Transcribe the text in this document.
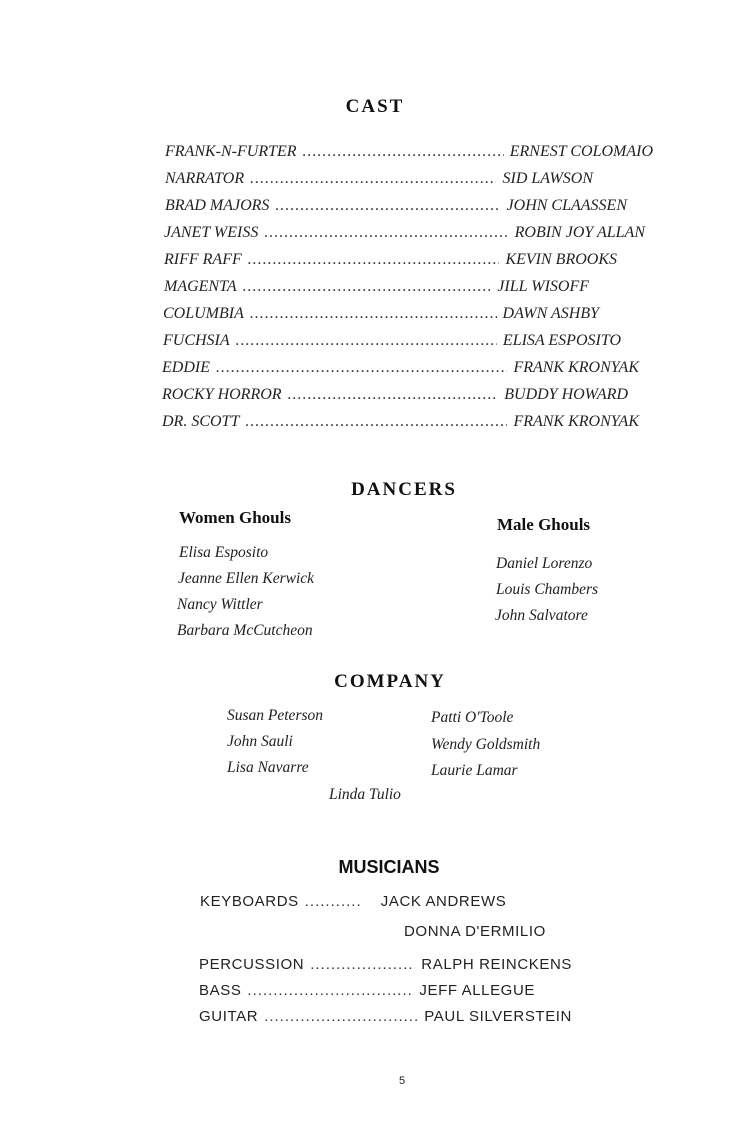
CAST
FRANK-N-FURTER .....	ERNEST COLOMAIO
NARRATOR .....	SID LAWSON
BRAD MAJORS .....	JOHN CLAASSEN
JANET WEISS .....	ROBIN JOY ALLAN
RIFF RAFF .....	KEVIN BROOKS
MAGENTA .....	JILL WISOFF
COLUMBIA .....	DAWN ASHBY
FUCHSIA .....	ELISA ESPOSITO
EDDIE .....	FRANK KRONYAK
ROCKY HORROR .....	BUDDY HOWARD
DR. SCOTT .....	FRANK KRONYAK
DANCERS
Women Ghouls
Elisa Esposito
Jeanne Ellen Kerwick
Nancy Wittler
Barbara McCutcheon
Male Ghouls
Daniel Lorenzo
Louis Chambers
John Salvatore
COMPANY
Susan Peterson
John Sauli
Lisa Navarre
Patti O'Toole
Wendy Goldsmith
Laurie Lamar
Linda Tulio
MUSICIANS
KEYBOARDS .....	JACK ANDREWS
DONNA D'ERMILIO
PERCUSSION .....	RALPH REINCKENS
BASS .....	JEFF ALLEGUE
GUITAR .....	PAUL SILVERSTEIN
5
